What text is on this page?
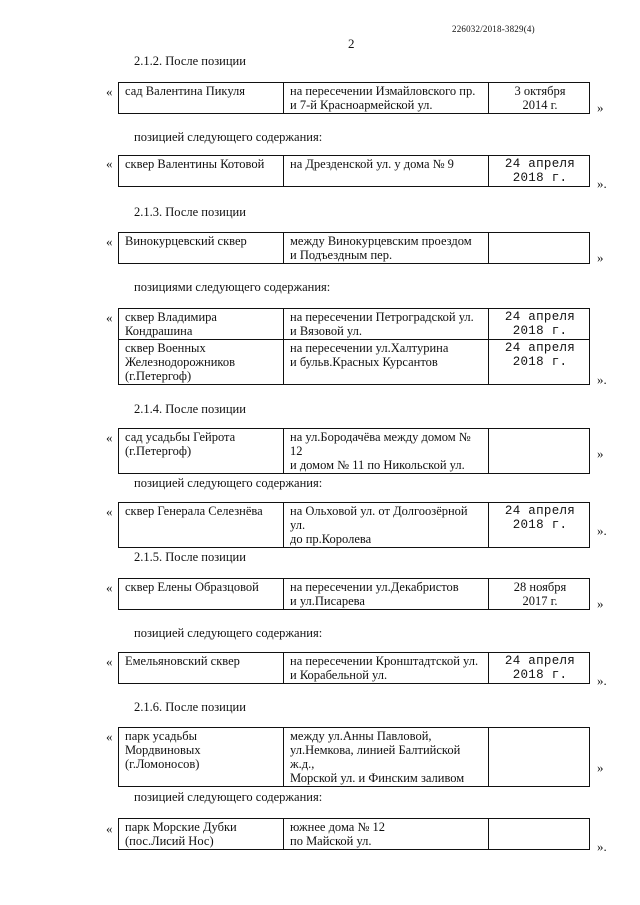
226032/2018-3829(4)
2
2.1.2. После позиции
« сад Валентина Пикуля	на пересечении Измайловского пр.
и 7-й Красноармейской ул.	3 октября
2014 г.	»
позицией следующего содержания:
« сквер Валентины Котовой	на Дрезденской ул. у дома № 9	24 апреля
2018 г. ».
2.1.3. После позиции
« Винокурцевский сквер	между Винокурцевским проездом
и Подъездным пер.		»
позициями следующего содержания:
« сквер Владимира
Кондрашина	на пересечении Петроградской ул.
и Вязовой ул.	24 апреля
2018 г.
сквер Военных
Железнодорожников
(г.Петергоф)	на пересечении ул.Халтурина
и бульв.Красных Курсантов	24 апреля
2018 г.
».
2.1.4. После позиции
« сад усадьбы Гейрота
(г.Петергоф)	на ул.Бородачёва между домом № 12
и домом № 11 по Никольской ул.	
»
позицией следующего содержания:
« сквер Генерала Селезнёва	на Ольховой ул. от Долгоозёрной ул.
до пр.Королева	24 апреля
2018 г. ».
2.1.5. После позиции
« сквер Елены Образцовой	на пересечении ул.Декабристов
и ул.Писарева	28 ноября
2017 г.	»
позицией следующего содержания:
« Емельяновский сквер	на пересечении Кронштадтской ул.
и Корабельной ул.	24 апреля
2018 г. ».
2.1.6. После позиции
« парк усадьбы
Мордвиновых
(г.Ломоносов)	между ул.Анны Павловой,
ул.Немкова, линией Балтийской ж.д.,
Морской ул. и Финским заливом	
»
позицией следующего содержания:
« парк Морские Дубки
(пос.Лисий Нос)	южнее дома № 12
по Майской ул.		».
